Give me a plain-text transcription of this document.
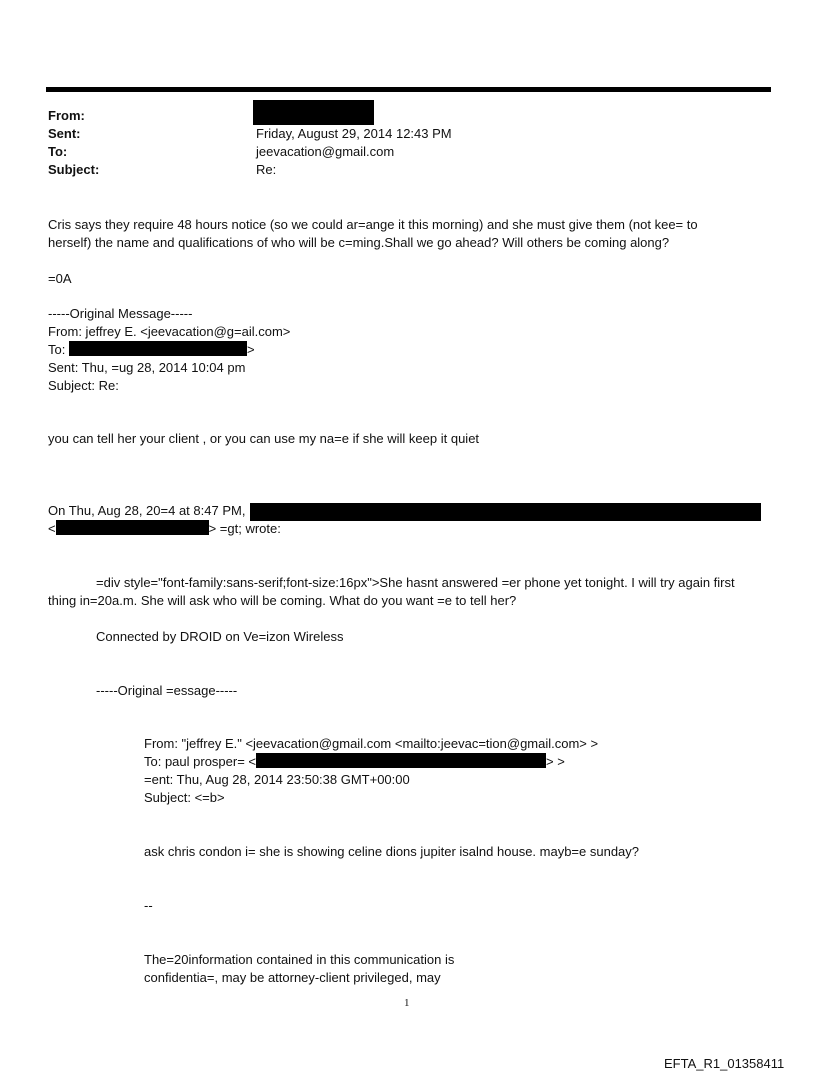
From:
Sent:	Friday, August 29, 2014 12:43 PM
To:	jeevacation@gmail.com
Subject:	Re:
Cris says they require 48 hours notice (so we could ar=ange it this morning) and she must give them (not kee= to
herself) the name and qualifications of who will be c=ming.Shall we go ahead? Will others be coming along?
=0A
-----Original Message-----
From: jeffrey E. <jeevacation@g=ail.com>
To:	>
Sent: Thu, =ug 28, 2014 10:04 pm
Subject: Re:
you can tell her your client , or you can use my na=e if she will keep it quiet
On Thu, Aug 28, 20=4 at 8:47 PM,
<	> =gt; wrote:
=div style="font-family:sans-serif;font-size:16px">She hasnt answered =er phone yet tonight. I will try again first
thing in=20a.m. She will ask who will be coming. What do you want =e to tell her?
Connected by DROID on Ve=izon Wireless
-----Original =essage-----
From: "jeffrey E." <jeevacation@gmail.com <mailto:jeevac=tion@gmail.com> >
To: paul prosper= <	> >
=ent: Thu, Aug 28, 2014 23:50:38 GMT+00:00
Subject: <=b>
ask chris condon i= she is showing celine dions jupiter isalnd house. mayb=e sunday?
--
The=20information contained in this communication is
confidentia=, may be attorney-client privileged, may
1
EFTA_R1_01358411
